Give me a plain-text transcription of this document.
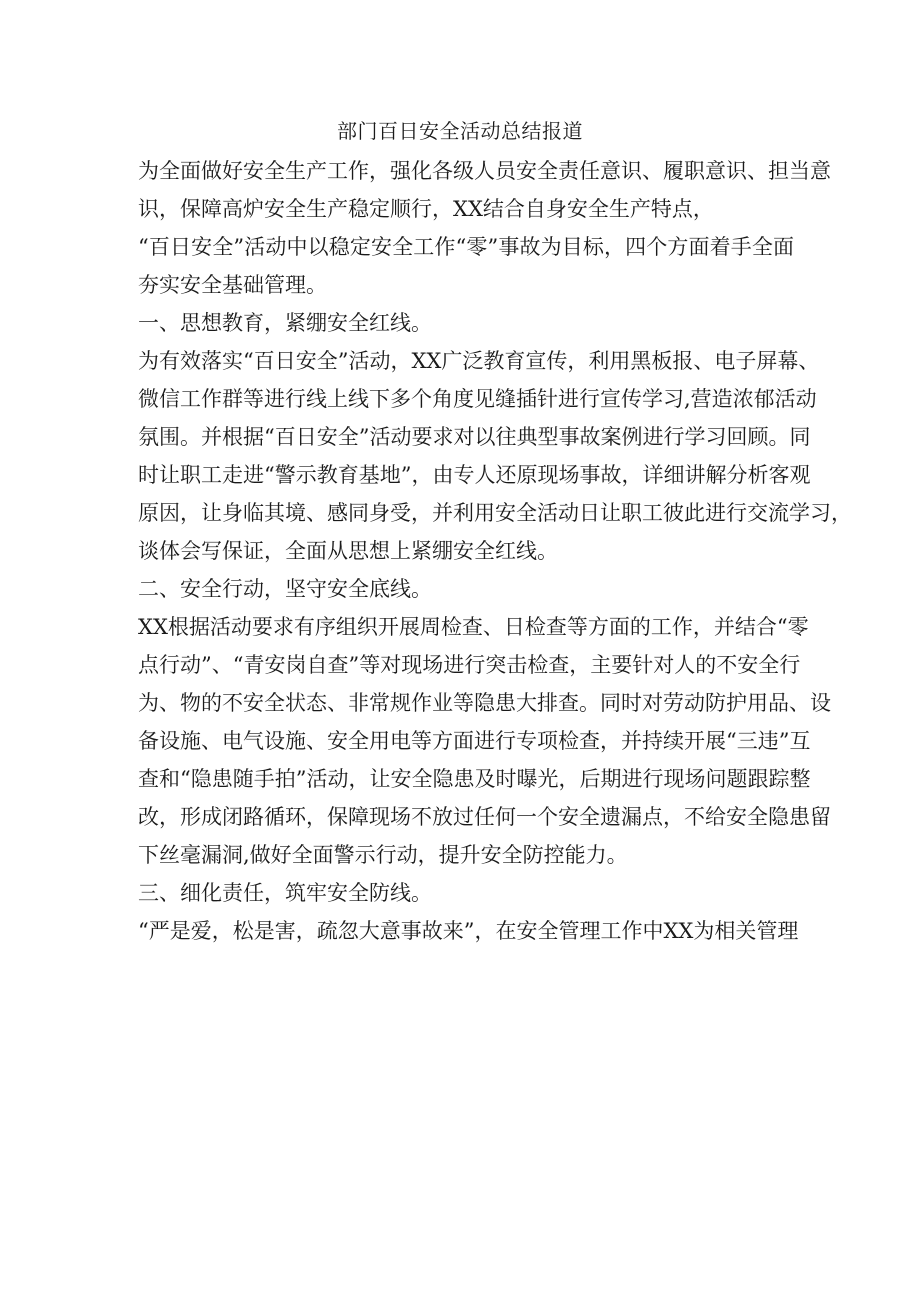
部门百日安全活动总结报道
为全面做好安全生产工作，强化各级人员安全责任意识、履职意识、担当意
识，保障高炉安全生产稳定顺行，XX结合自身安全生产特点，
“百日安全”活动中以稳定安全工作“零”事故为目标，四个方面着手全面
夯实安全基础管理。
一、思想教育，紧绷安全红线。
为有效落实“百日安全”活动，XX广泛教育宣传，利用黑板报、电子屏幕、
微信工作群等进行线上线下多个角度见缝插针进行宣传学习,营造浓郁活动
氛围。并根据“百日安全”活动要求对以往典型事故案例进行学习回顾。同
时让职工走进“警示教育基地”，由专人还原现场事故，详细讲解分析客观
原因，让身临其境、感同身受，并利用安全活动日让职工彼此进行交流学习，
谈体会写保证，全面从思想上紧绷安全红线。
二、安全行动，坚守安全底线。
XX根据活动要求有序组织开展周检查、日检查等方面的工作，并结合“零
点行动”、“青安岗自查”等对现场进行突击检查，主要针对人的不安全行
为、物的不安全状态、非常规作业等隐患大排查。同时对劳动防护用品、设
备设施、电气设施、安全用电等方面进行专项检查，并持续开展“三违”互
查和“隐患随手拍”活动，让安全隐患及时曝光，后期进行现场问题跟踪整
改，形成闭路循环，保障现场不放过任何一个安全遗漏点，不给安全隐患留
下丝毫漏洞,做好全面警示行动，提升安全防控能力。
三、细化责任，筑牢安全防线。
“严是爱，松是害，疏忽大意事故来”，在安全管理工作中XX为相关管理
